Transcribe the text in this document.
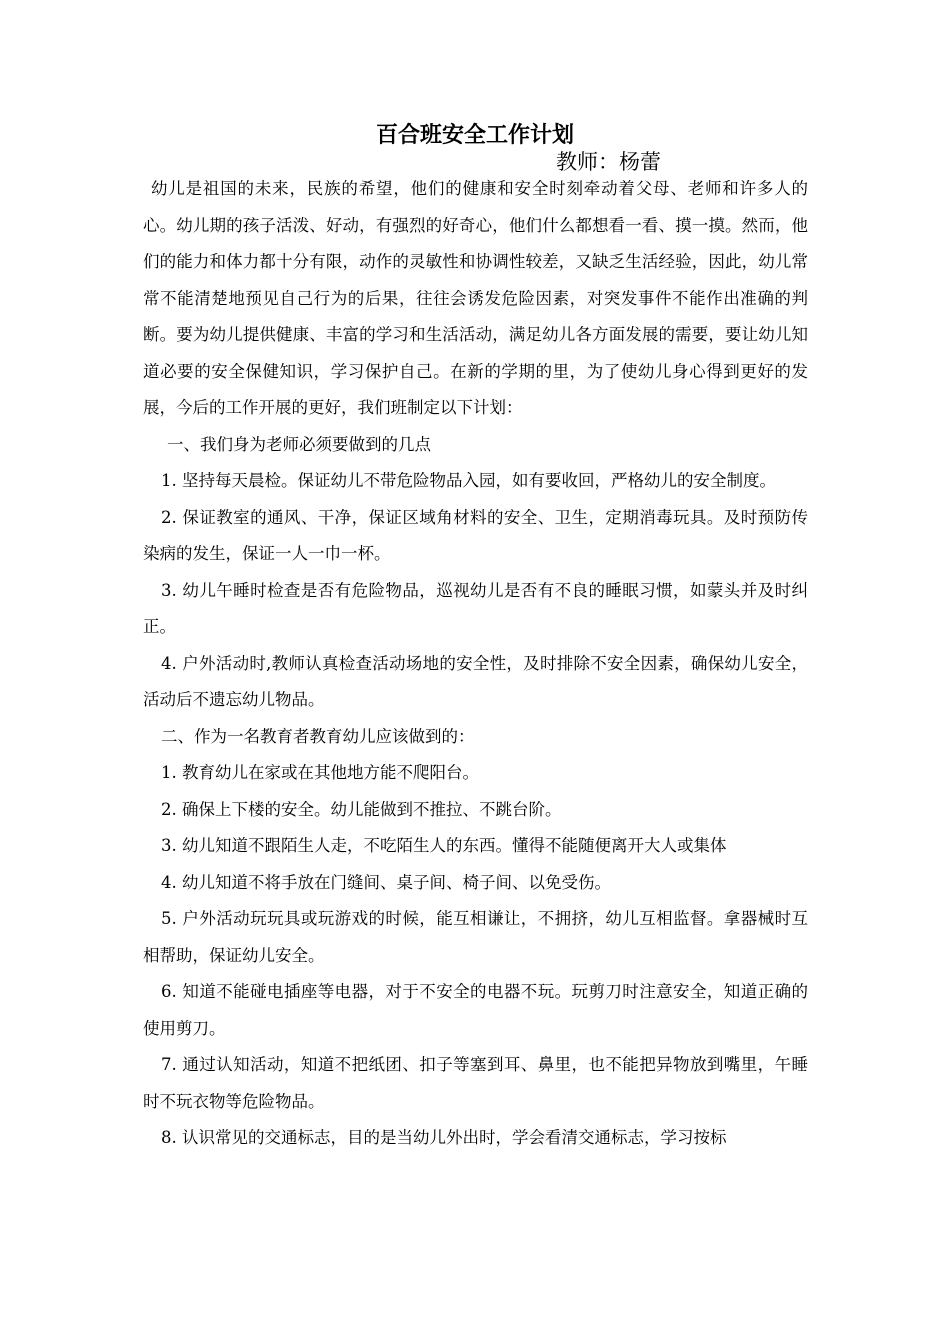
百合班安全工作计划
教师：杨蕾

幼儿是祖国的未来，民族的希望，他们的健康和安全时刻牵动着父母、老师和许多人的心。幼儿期的孩子活泼、好动，有强烈的好奇心，他们什么都想看一看、摸一摸。然而，他们的能力和体力都十分有限，动作的灵敏性和协调性较差，又缺乏生活经验，因此，幼儿常常不能清楚地预见自己行为的后果，往往会诱发危险因素，对突发事件不能作出准确的判断。要为幼儿提供健康、丰富的学习和生活活动，满足幼儿各方面发展的需要，要让幼儿知道必要的安全保健知识，学习保护自己。在新的学期的里，为了使幼儿身心得到更好的发展，今后的工作开展的更好，我们班制定以下计划：

一、我们身为老师必须要做到的几点

1. 坚持每天晨检。保证幼儿不带危险物品入园，如有要收回，严格幼儿的安全制度。

2. 保证教室的通风、干净，保证区域角材料的安全、卫生，定期消毒玩具。及时预防传染病的发生，保证一人一巾一杯。

3. 幼儿午睡时检查是否有危险物品，巡视幼儿是否有不良的睡眠习惯，如蒙头并及时纠正。

4. 户外活动时,教师认真检查活动场地的安全性，及时排除不安全因素，确保幼儿安全，活动后不遗忘幼儿物品。

二、作为一名教育者教育幼儿应该做到的：

1. 教育幼儿在家或在其他地方能不爬阳台。

2. 确保上下楼的安全。幼儿能做到不推拉、不跳台阶。

3. 幼儿知道不跟陌生人走，不吃陌生人的东西。懂得不能随便离开大人或集体

4. 幼儿知道不将手放在门缝间、桌子间、椅子间、以免受伤。

5. 户外活动玩玩具或玩游戏的时候，能互相谦让，不拥挤，幼儿互相监督。拿器械时互相帮助，保证幼儿安全。

6. 知道不能碰电插座等电器，对于不安全的电器不玩。玩剪刀时注意安全，知道正确的使用剪刀。

7. 通过认知活动，知道不把纸团、扣子等塞到耳、鼻里，也不能把异物放到嘴里，午睡时不玩衣物等危险物品。

8. 认识常见的交通标志，目的是当幼儿外出时，学会看清交通标志，学习按标
